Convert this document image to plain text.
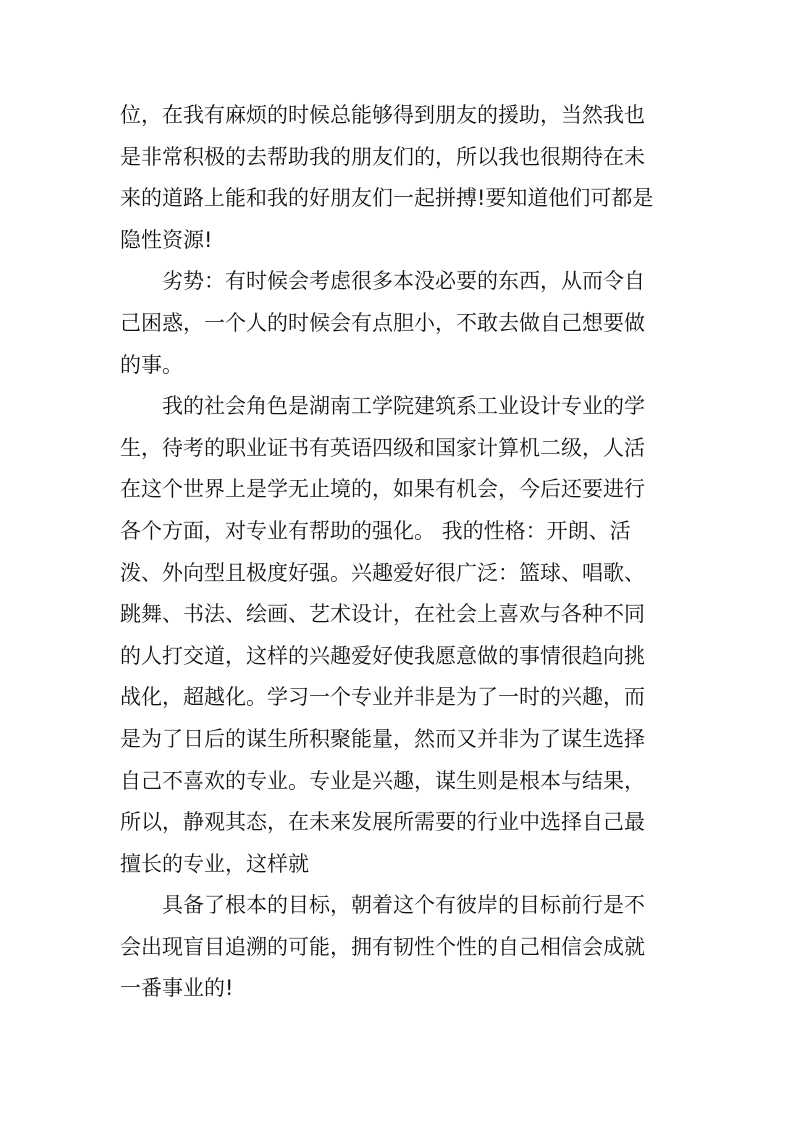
位，在我有麻烦的时候总能够得到朋友的援助，当然我也
是非常积极的去帮助我的朋友们的，所以我也很期待在未
来的道路上能和我的好朋友们一起拼搏!要知道他们可都是
隐性资源!
劣势：有时候会考虑很多本没必要的东西，从而令自
己困惑，一个人的时候会有点胆小，不敢去做自己想要做
的事。
我的社会角色是湖南工学院建筑系工业设计专业的学
生，待考的职业证书有英语四级和国家计算机二级，人活
在这个世界上是学无止境的，如果有机会，今后还要进行
各个方面，对专业有帮助的强化。 我的性格：开朗、活
泼、外向型且极度好强。兴趣爱好很广泛：篮球、唱歌、
跳舞、书法、绘画、艺术设计，在社会上喜欢与各种不同
的人打交道，这样的兴趣爱好使我愿意做的事情很趋向挑
战化，超越化。学习一个专业并非是为了一时的兴趣，而
是为了日后的谋生所积聚能量，然而又并非为了谋生选择
自己不喜欢的专业。专业是兴趣，谋生则是根本与结果，
所以，静观其态，在未来发展所需要的行业中选择自己最
擅长的专业，这样就
具备了根本的目标，朝着这个有彼岸的目标前行是不
会出现盲目追溯的可能，拥有韧性个性的自己相信会成就
一番事业的!
